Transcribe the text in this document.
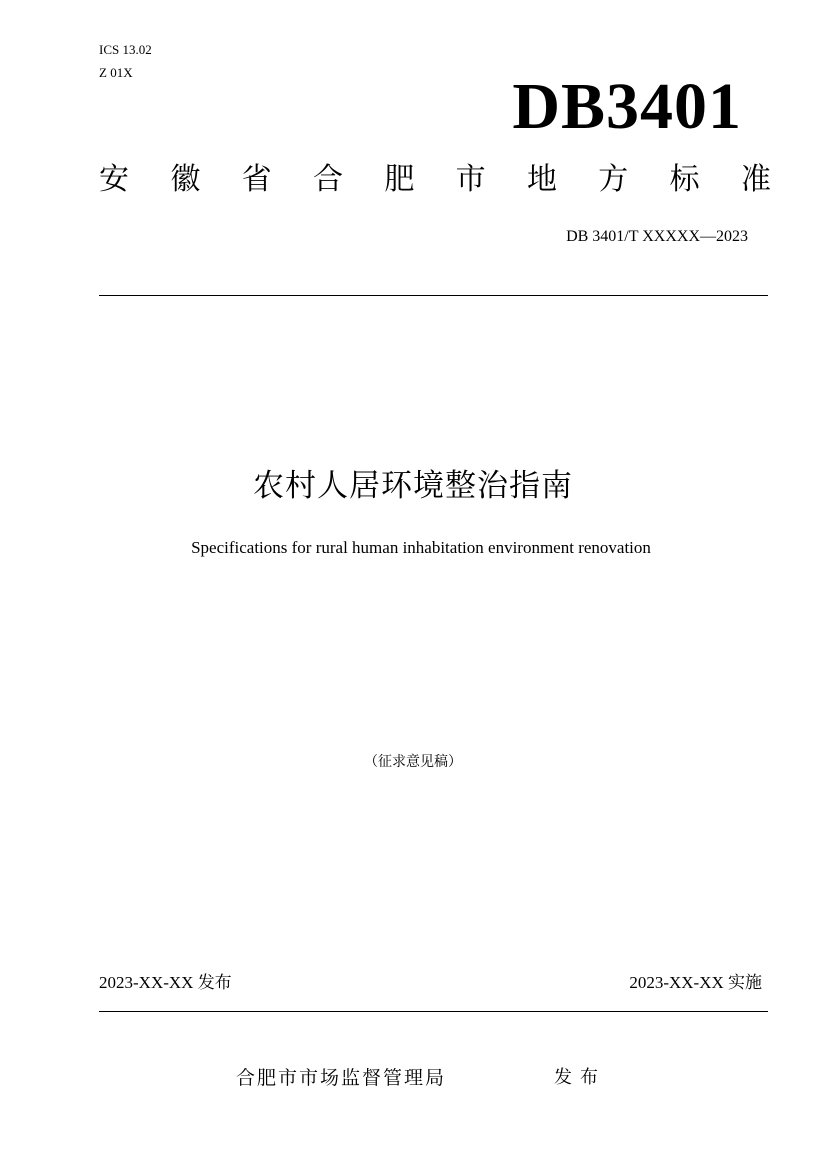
ICS 13.02
Z 01X	DB3401
安 徽 省 合 肥 市 地 方 标 准
DB 3401/T XXXXX—2023
农村人居环境整治指南
Specifications for rural human inhabitation environment renovation
（征求意见稿）
2023-XX-XX 发布	2023-XX-XX 实施
合肥市市场监督管理局	发布
